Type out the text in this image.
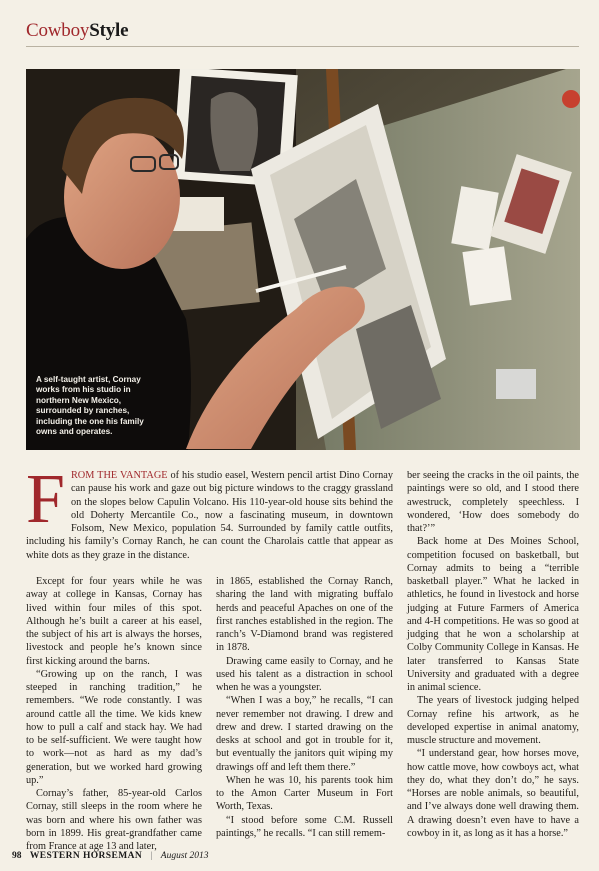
CowboyStyle
A self-taught artist, Cornay works from his studio in northern New Mexico, surrounded by ranches, including the one his family owns and operates.
FROM THE VANTAGE of his studio easel, Western pencil artist Dino Cornay can pause his work and gaze out big picture windows to the craggy grassland on the slopes below Capulin Volcano. His 110-year-old house sits behind the old Doherty Mercantile Co., now a fascinating museum, in downtown Folsom, New Mexico, population 54. Surrounded by family cattle outfits, including his family’s Cornay Ranch, he can count the Charolais cattle that appear as white dots as they graze in the distance.

Except for four years while he was away at college in Kansas, Cornay has lived within four miles of this spot. Although he’s built a career at his easel, the subject of his art is always the horses, livestock and people he’s known since first kicking around the barns.

“Growing up on the ranch, I was steeped in ranching tradition,” he remembers. “We rode constantly. I was around cattle all the time. We kids knew how to pull a calf and stack hay. We had to be self-sufficient. We were taught how to work—not as hard as my dad’s generation, but we worked hard growing up.”

Cornay’s father, 85-year-old Carlos Cornay, still sleeps in the room where he was born and where his own father was born in 1899. His great-grandfather came from France at age 13 and later,

in 1865, established the Cornay Ranch, sharing the land with migrating buffalo herds and peaceful Apaches on one of the first ranches established in the region. The ranch’s V-Diamond brand was registered in 1878.

Drawing came easily to Cornay, and he used his talent as a distraction in school when he was a youngster.

“When I was a boy,” he recalls, “I can never remember not drawing. I drew and drew and drew. I started drawing on the desks at school and got in trouble for it, but eventually the janitors quit wiping my drawings off and left them there.”

When he was 10, his parents took him to the Amon Carter Museum in Fort Worth, Texas.

“I stood before some C.M. Russell paintings,” he recalls. “I can still remem-

ber seeing the cracks in the oil paints, the paintings were so old, and I stood there awestruck, completely speechless. I wondered, ‘How does somebody do that?’”

Back home at Des Moines School, competition focused on basketball, but Cornay admits to being a “terrible basketball player.” What he lacked in athletics, he found in livestock and horse judging at Future Farmers of America and 4-H competitions. He was so good at judging that he won a scholarship at Colby Community College in Kansas. He later transferred to Kansas State University and graduated with a degree in animal science.

The years of livestock judging helped Cornay refine his artwork, as he developed expertise in animal anatomy, muscle structure and movement.

“I understand gear, how horses move, how cattle move, how cowboys act, what they do, what they don’t do,” he says. “Horses are noble animals, so beautiful, and I’ve always done well drawing them. A drawing doesn’t even have to have a cowboy in it, as long as it has a horse.”

98 WESTERN HORSEMAN | August 2013
